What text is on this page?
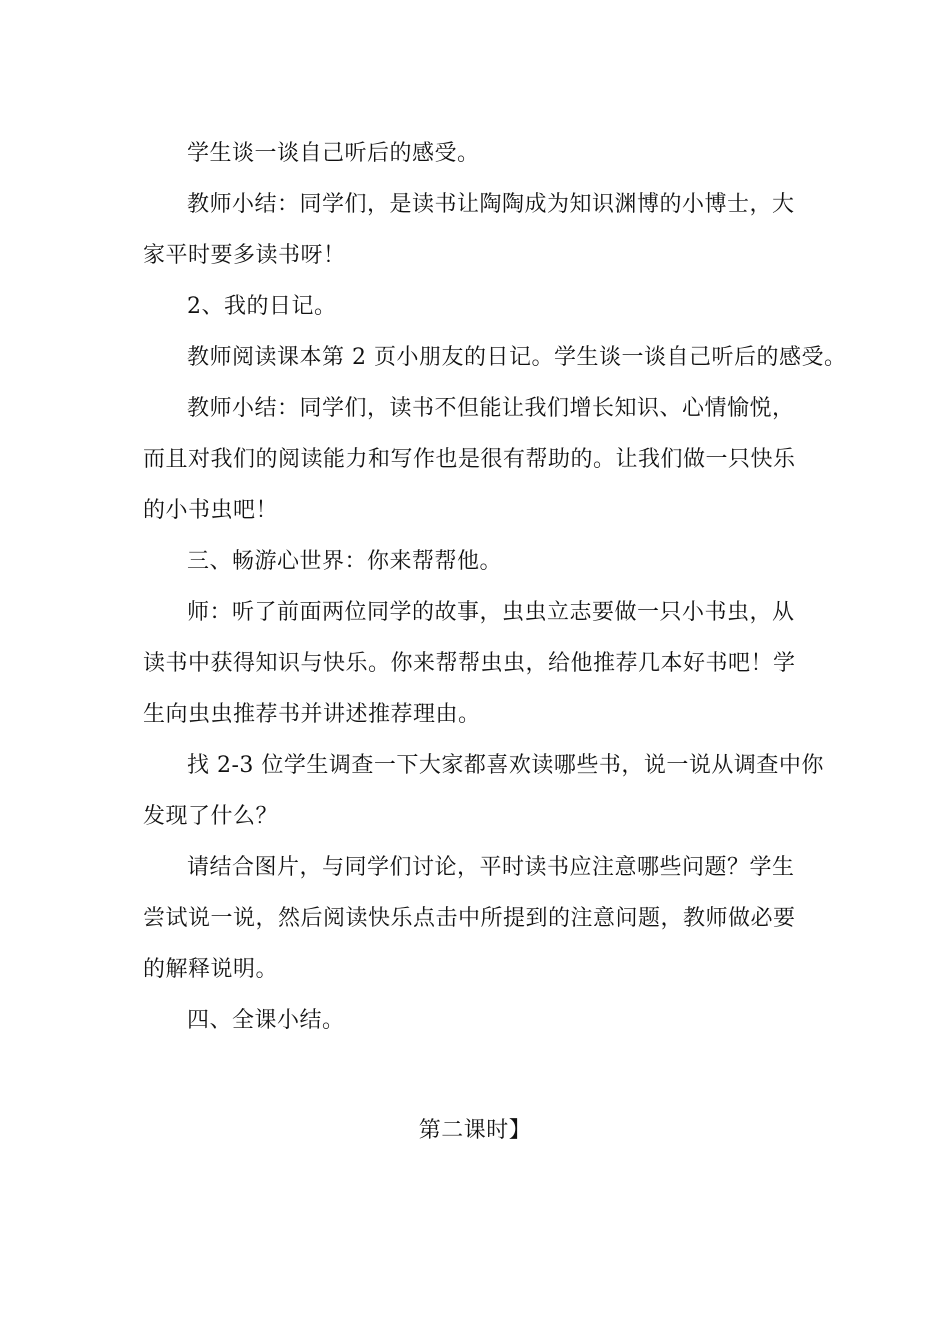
学生谈一谈自己听后的感受。
教师小结：同学们，是读书让陶陶成为知识渊博的小博士，大
家平时要多读书呀！
2、我的日记。
教师阅读课本第 2 页小朋友的日记。学生谈一谈自己听后的感受。
教师小结：同学们，读书不但能让我们增长知识、心情愉悦，
而且对我们的阅读能力和写作也是很有帮助的。让我们做一只快乐
的小书虫吧！
三、畅游心世界：你来帮帮他。
师：听了前面两位同学的故事，虫虫立志要做一只小书虫，从
读书中获得知识与快乐。你来帮帮虫虫，给他推荐几本好书吧！学
生向虫虫推荐书并讲述推荐理由。
找 2-3 位学生调查一下大家都喜欢读哪些书，说一说从调查中你
发现了什么？
请结合图片，与同学们讨论，平时读书应注意哪些问题？学生
尝试说一说，然后阅读快乐点击中所提到的注意问题，教师做必要
的解释说明。
四、全课小结。
第二课时】
